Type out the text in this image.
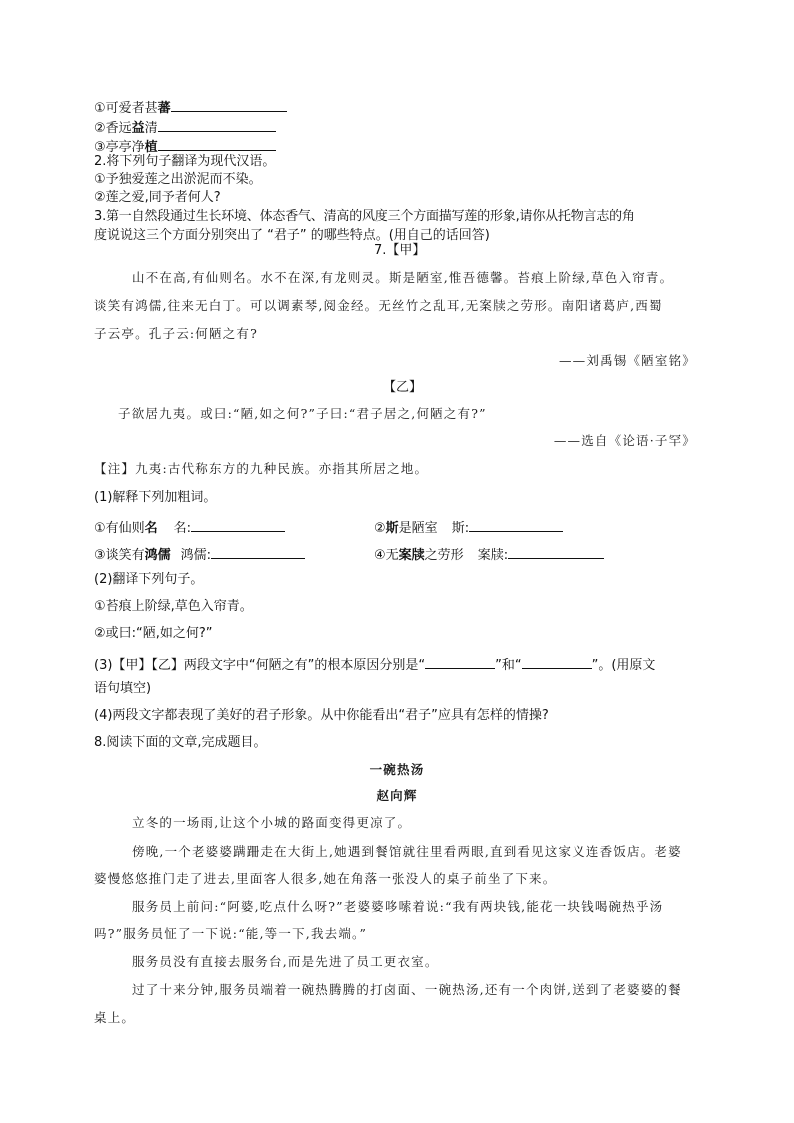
①可爱者甚蕃
②香远益清
③亭亭净植
2.将下列句子翻译为现代汉语。
①予独爱莲之出淤泥而不染。
②莲之爱,同予者何人?
3.第一自然段通过生长环境、体态香气、清高的风度三个方面描写莲的形象,请你从托物言志的角
度说说这三个方面分别突出了 “君子” 的哪些特点。(用自己的话回答)
7.【甲】
山不在高,有仙则名。水不在深,有龙则灵。斯是陋室,惟吾德馨。苔痕上阶绿,草色入帘青。
谈笑有鸿儒,往来无白丁。可以调素琴,阅金经。无丝竹之乱耳,无案牍之劳形。南阳诸葛庐,西蜀
子云亭。孔子云:何陋之有?
——刘禹锡《陋室铭》
【乙】
子欲居九夷。或曰:“陋,如之何?”子曰:“君子居之,何陋之有?”
——选自《论语·子罕》
【注】九夷:古代称东方的九种民族。亦指其所居之地。
(1)解释下列加粗词。
①有仙则名 名:	②斯是陋室 斯:
③谈笑有鸿儒 鸿儒:	④无案牍之劳形 案牍:
(2)翻译下列句子。
①苔痕上阶绿,草色入帘青。
②或曰:“陋,如之何?”
(3)【甲】【乙】两段文字中“何陋之有”的根本原因分别是“	”和“	”。(用原文
语句填空)
(4)两段文字都表现了美好的君子形象。从中你能看出“君子”应具有怎样的情操?
8.阅读下面的文章,完成题目。
一碗热汤
赵向辉
立冬的一场雨,让这个小城的路面变得更凉了。
傍晚,一个老婆婆蹒跚走在大街上,她遇到餐馆就往里看两眼,直到看见这家义连香饭店。老婆
婆慢悠悠推门走了进去,里面客人很多,她在角落一张没人的桌子前坐了下来。
服务员上前问:“阿婆,吃点什么呀?”老婆婆哆嗦着说:“我有两块钱,能花一块钱喝碗热乎汤
吗?”服务员怔了一下说:“能,等一下,我去端。”
服务员没有直接去服务台,而是先进了员工更衣室。
过了十来分钟,服务员端着一碗热腾腾的打卤面、一碗热汤,还有一个肉饼,送到了老婆婆的餐
桌上。
